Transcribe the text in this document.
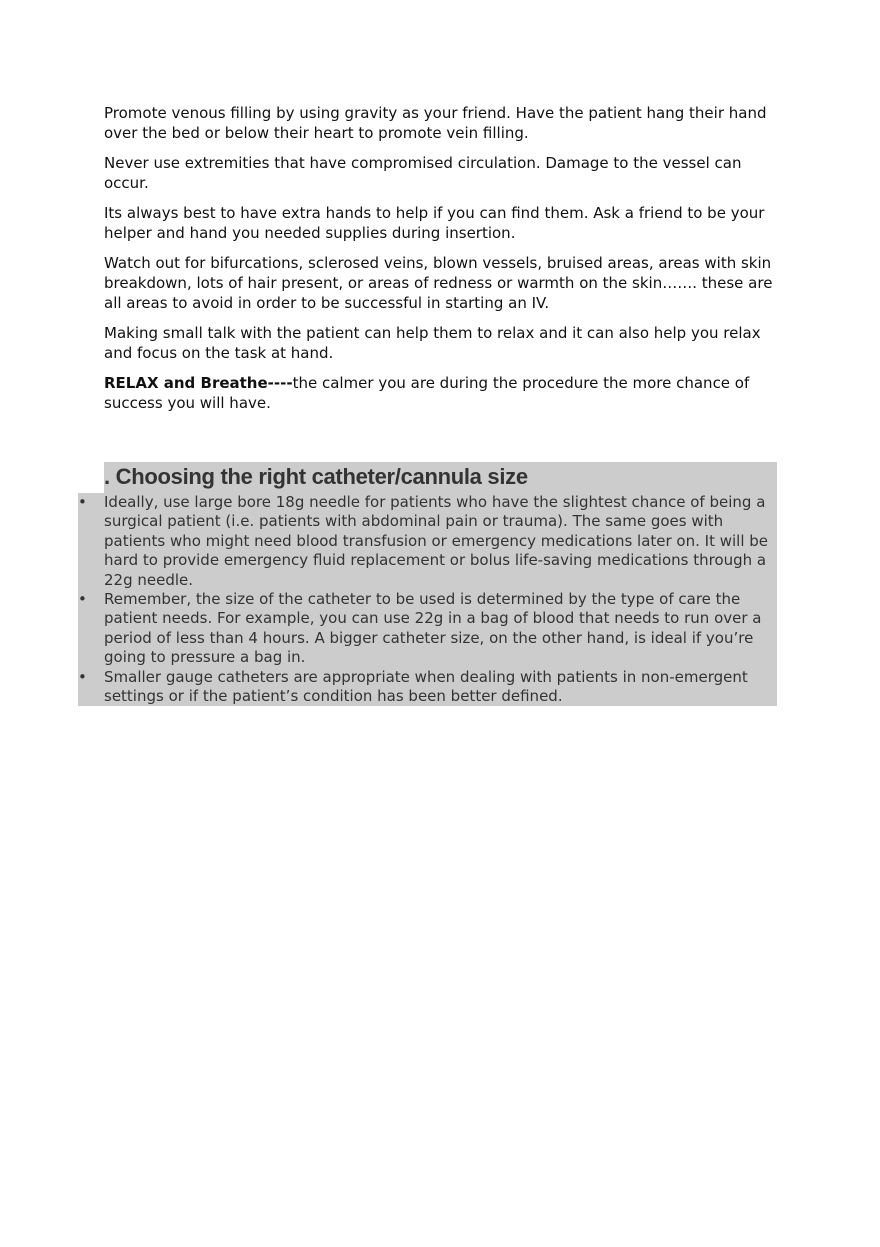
Promote venous filling by using gravity as your friend. Have the patient hang their hand over the bed or below their heart to promote vein filling.

Never use extremities that have compromised circulation. Damage to the vessel can occur.

Its always best to have extra hands to help if you can find them. Ask a friend to be your helper and hand you needed supplies during insertion.

Watch out for bifurcations, sclerosed veins, blown vessels, bruised areas, areas with skin breakdown, lots of hair present, or areas of redness or warmth on the skin……. these are all areas to avoid in order to be successful in starting an IV.

Making small talk with the patient can help them to relax and it can also help you relax and focus on the task at hand.

RELAX and Breathe----the calmer you are during the procedure the more chance of success you will have.

. Choosing the right catheter/cannula size
• Ideally, use large bore 18g needle for patients who have the slightest chance of being a surgical patient (i.e. patients with abdominal pain or trauma). The same goes with patients who might need blood transfusion or emergency medications later on. It will be hard to provide emergency fluid replacement or bolus life-saving medications through a 22g needle.
• Remember, the size of the catheter to be used is determined by the type of care the patient needs. For example, you can use 22g in a bag of blood that needs to run over a period of less than 4 hours. A bigger catheter size, on the other hand, is ideal if you’re going to pressure a bag in.
• Smaller gauge catheters are appropriate when dealing with patients in non-emergent settings or if the patient’s condition has been better defined.
